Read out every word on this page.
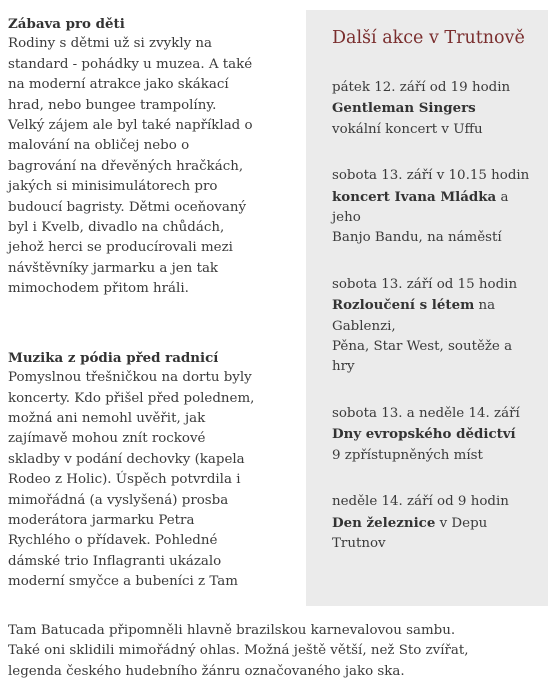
Zábava pro děti

Rodiny s dětmi už si zvykly na
standard - pohádky u muzea. A také
na moderní atrakce jako skákací
hrad, nebo bungee trampolíny.
Velký zájem ale byl také například o
malování na obličej nebo o
bagrování na dřevěných hračkách,
jakých si minisimulátorech pro
budoucí bagristy. Dětmi oceňovaný
byl i Kvelb, divadlo na chůdách,
jehož herci se producírovali mezi
návštěvníky jarmarku a jen tak
mimochodem přitom hráli.

Muzika z pódia před radnicí

Pomyslnou třešničkou na dortu byly
koncerty. Kdo přišel před polednem,
možná ani nemohl uvěřit, jak
zajímavě mohou znít rockové
skladby v podání dechovky (kapela
Rodeo z Holic). Úspěch potvrdila i
mimořádná (a vyslyšená) prosba
moderátora jarmarku Petra
Rychlého o přídavek. Pohledné
dámské trio Inflagranti ukázalo
moderní smyčce a bubeníci z Tam

Tam Batucada připomněli hlavně brazilskou karnevalovou sambu.
Také oni sklidili mimořádný ohlas. Možná ještě větší, než Sto zvířat,
legenda českého hudebního žánru označovaného jako ska.

Další akce v Trutnově
pátek 12. září od 19 hodin
Gentleman Singers
vokální koncert v Uffu
sobota 13. září v 10.15 hodin
koncert Ivana Mládka a
jeho
Banjo Bandu, na náměstí
sobota 13. září od 15 hodin
Rozloučení s létem na
Gablenzi,
Pěna, Star West, soutěže a
hry
sobota 13. a neděle 14. září
Dny evropského dědictví
9 zpřístupněných míst
neděle 14. září od 9 hodin
Den železnice v Depu
Trutnov
